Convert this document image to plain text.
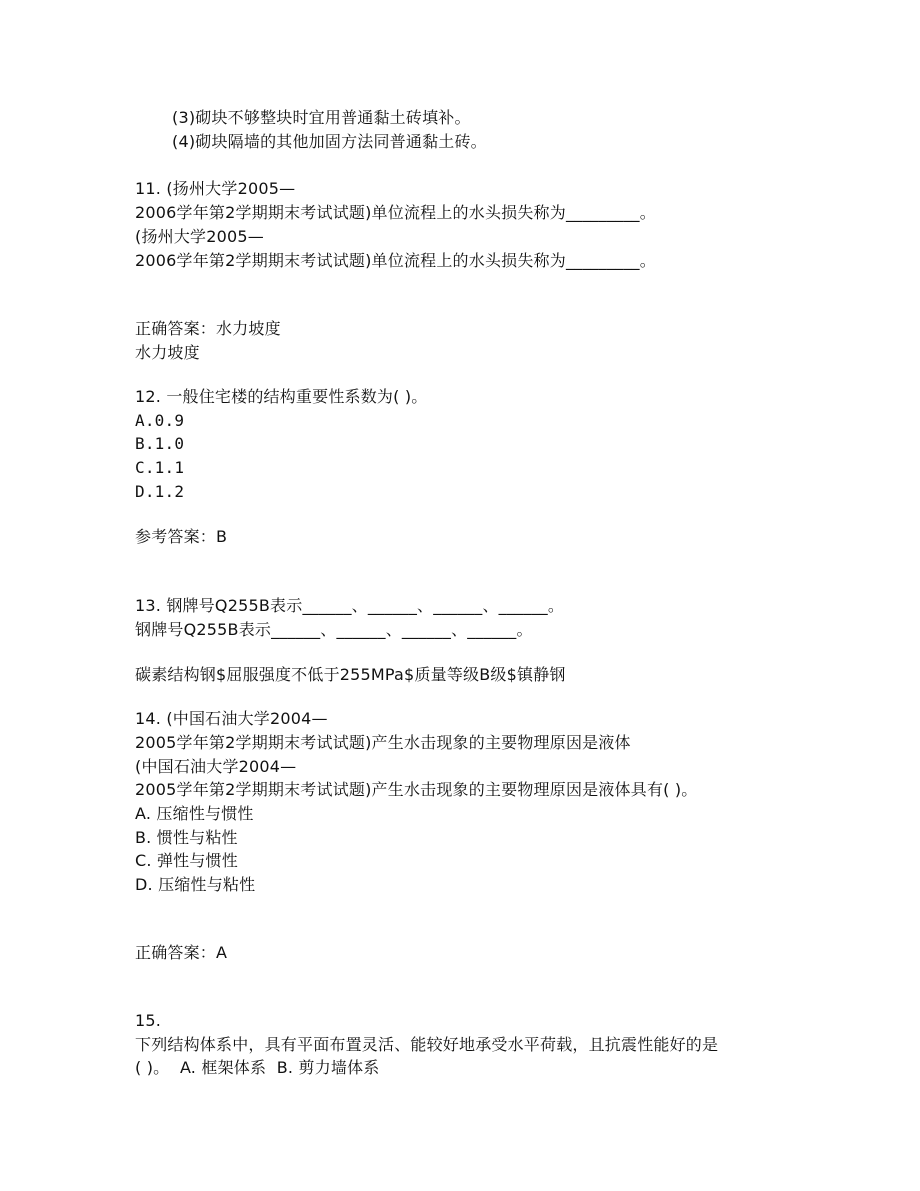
(3)砌块不够整块时宜用普通黏土砖填补。
(4)砌块隔墙的其他加固方法同普通黏土砖。
11. (扬州大学2005—
2006学年第2学期期末考试试题)单位流程上的水头损失称为_________。
(扬州大学2005—
2006学年第2学期期末考试试题)单位流程上的水头损失称为_________。
正确答案：水力坡度
水力坡度
12. 一般住宅楼的结构重要性系数为( )。
A.0.9
B.1.0
C.1.1
D.1.2
参考答案：B
13. 钢牌号Q255B表示______、______、______、______。
钢牌号Q255B表示______、______、______、______。
碳素结构钢$屈服强度不低于255MPa$质量等级B级$镇静钢
14. (中国石油大学2004—
2005学年第2学期期末考试试题)产生水击现象的主要物理原因是液体
(中国石油大学2004—
2005学年第2学期期末考试试题)产生水击现象的主要物理原因是液体具有( )。
A. 压缩性与惯性
B. 惯性与粘性
C. 弹性与惯性
D. 压缩性与粘性
正确答案：A
15.
下列结构体系中，具有平面布置灵活、能较好地承受水平荷载，且抗震性能好的是
( )。  A. 框架体系  B. 剪力墙体系
